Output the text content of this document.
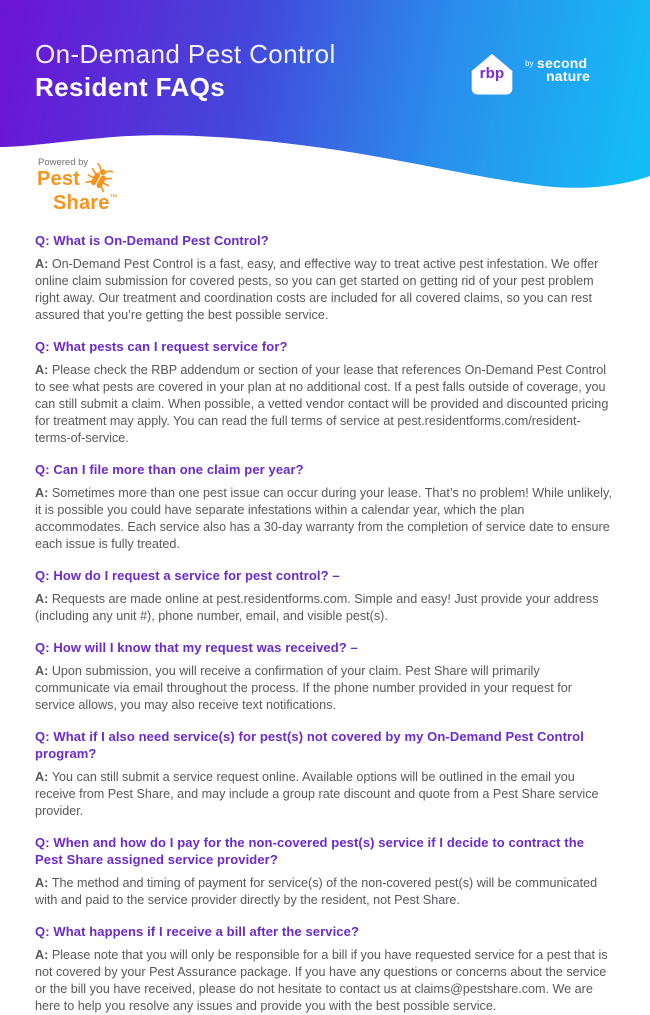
On-Demand Pest Control
Resident FAQs	rbp
by second
nature
Powered by
Pest
Share™
Q: What is On-Demand Pest Control?

A: On-Demand Pest Control is a fast, easy, and effective way to treat active pest infestation. We offer online claim submission for covered pests, so you can get started on getting rid of your pest problem right away. Our treatment and coordination costs are included for all covered claims, so you can rest assured that you’re getting the best possible service.

Q: What pests can I request service for?

A: Please check the RBP addendum or section of your lease that references On-Demand Pest Control to see what pests are covered in your plan at no additional cost. If a pest falls outside of coverage, you can still submit a claim. When possible, a vetted vendor contact will be provided and discounted pricing for treatment may apply. You can read the full terms of service at pest.residentforms.com/resident-terms-of-service.

Q: Can I file more than one claim per year?

A: Sometimes more than one pest issue can occur during your lease. That’s no problem! While unlikely, it is possible you could have separate infestations within a calendar year, which the plan accommodates. Each service also has a 30-day warranty from the completion of service date to ensure each issue is fully treated.

Q: How do I request a service for pest control? –

A: Requests are made online at pest.residentforms.com. Simple and easy! Just provide your address (including any unit #), phone number, email, and visible pest(s).

Q: How will I know that my request was received? –

A: Upon submission, you will receive a confirmation of your claim. Pest Share will primarily communicate via email throughout the process. If the phone number provided in your request for service allows, you may also receive text notifications.

Q: What if I also need service(s) for pest(s) not covered by my On-Demand Pest Control program?

A: You can still submit a service request online. Available options will be outlined in the email you receive from Pest Share, and may include a group rate discount and quote from a Pest Share service provider.

Q: When and how do I pay for the non-covered pest(s) service if I decide to contract the Pest Share assigned service provider?

A: The method and timing of payment for service(s) of the non-covered pest(s) will be communicated with and paid to the service provider directly by the resident, not Pest Share.

Q: What happens if I receive a bill after the service?

A: Please note that you will only be responsible for a bill if you have requested service for a pest that is not covered by your Pest Assurance package. If you have any questions or concerns about the service or the bill you have received, please do not hesitate to contact us at claims@pestshare.com. We are here to help you resolve any issues and provide you with the best possible service.
